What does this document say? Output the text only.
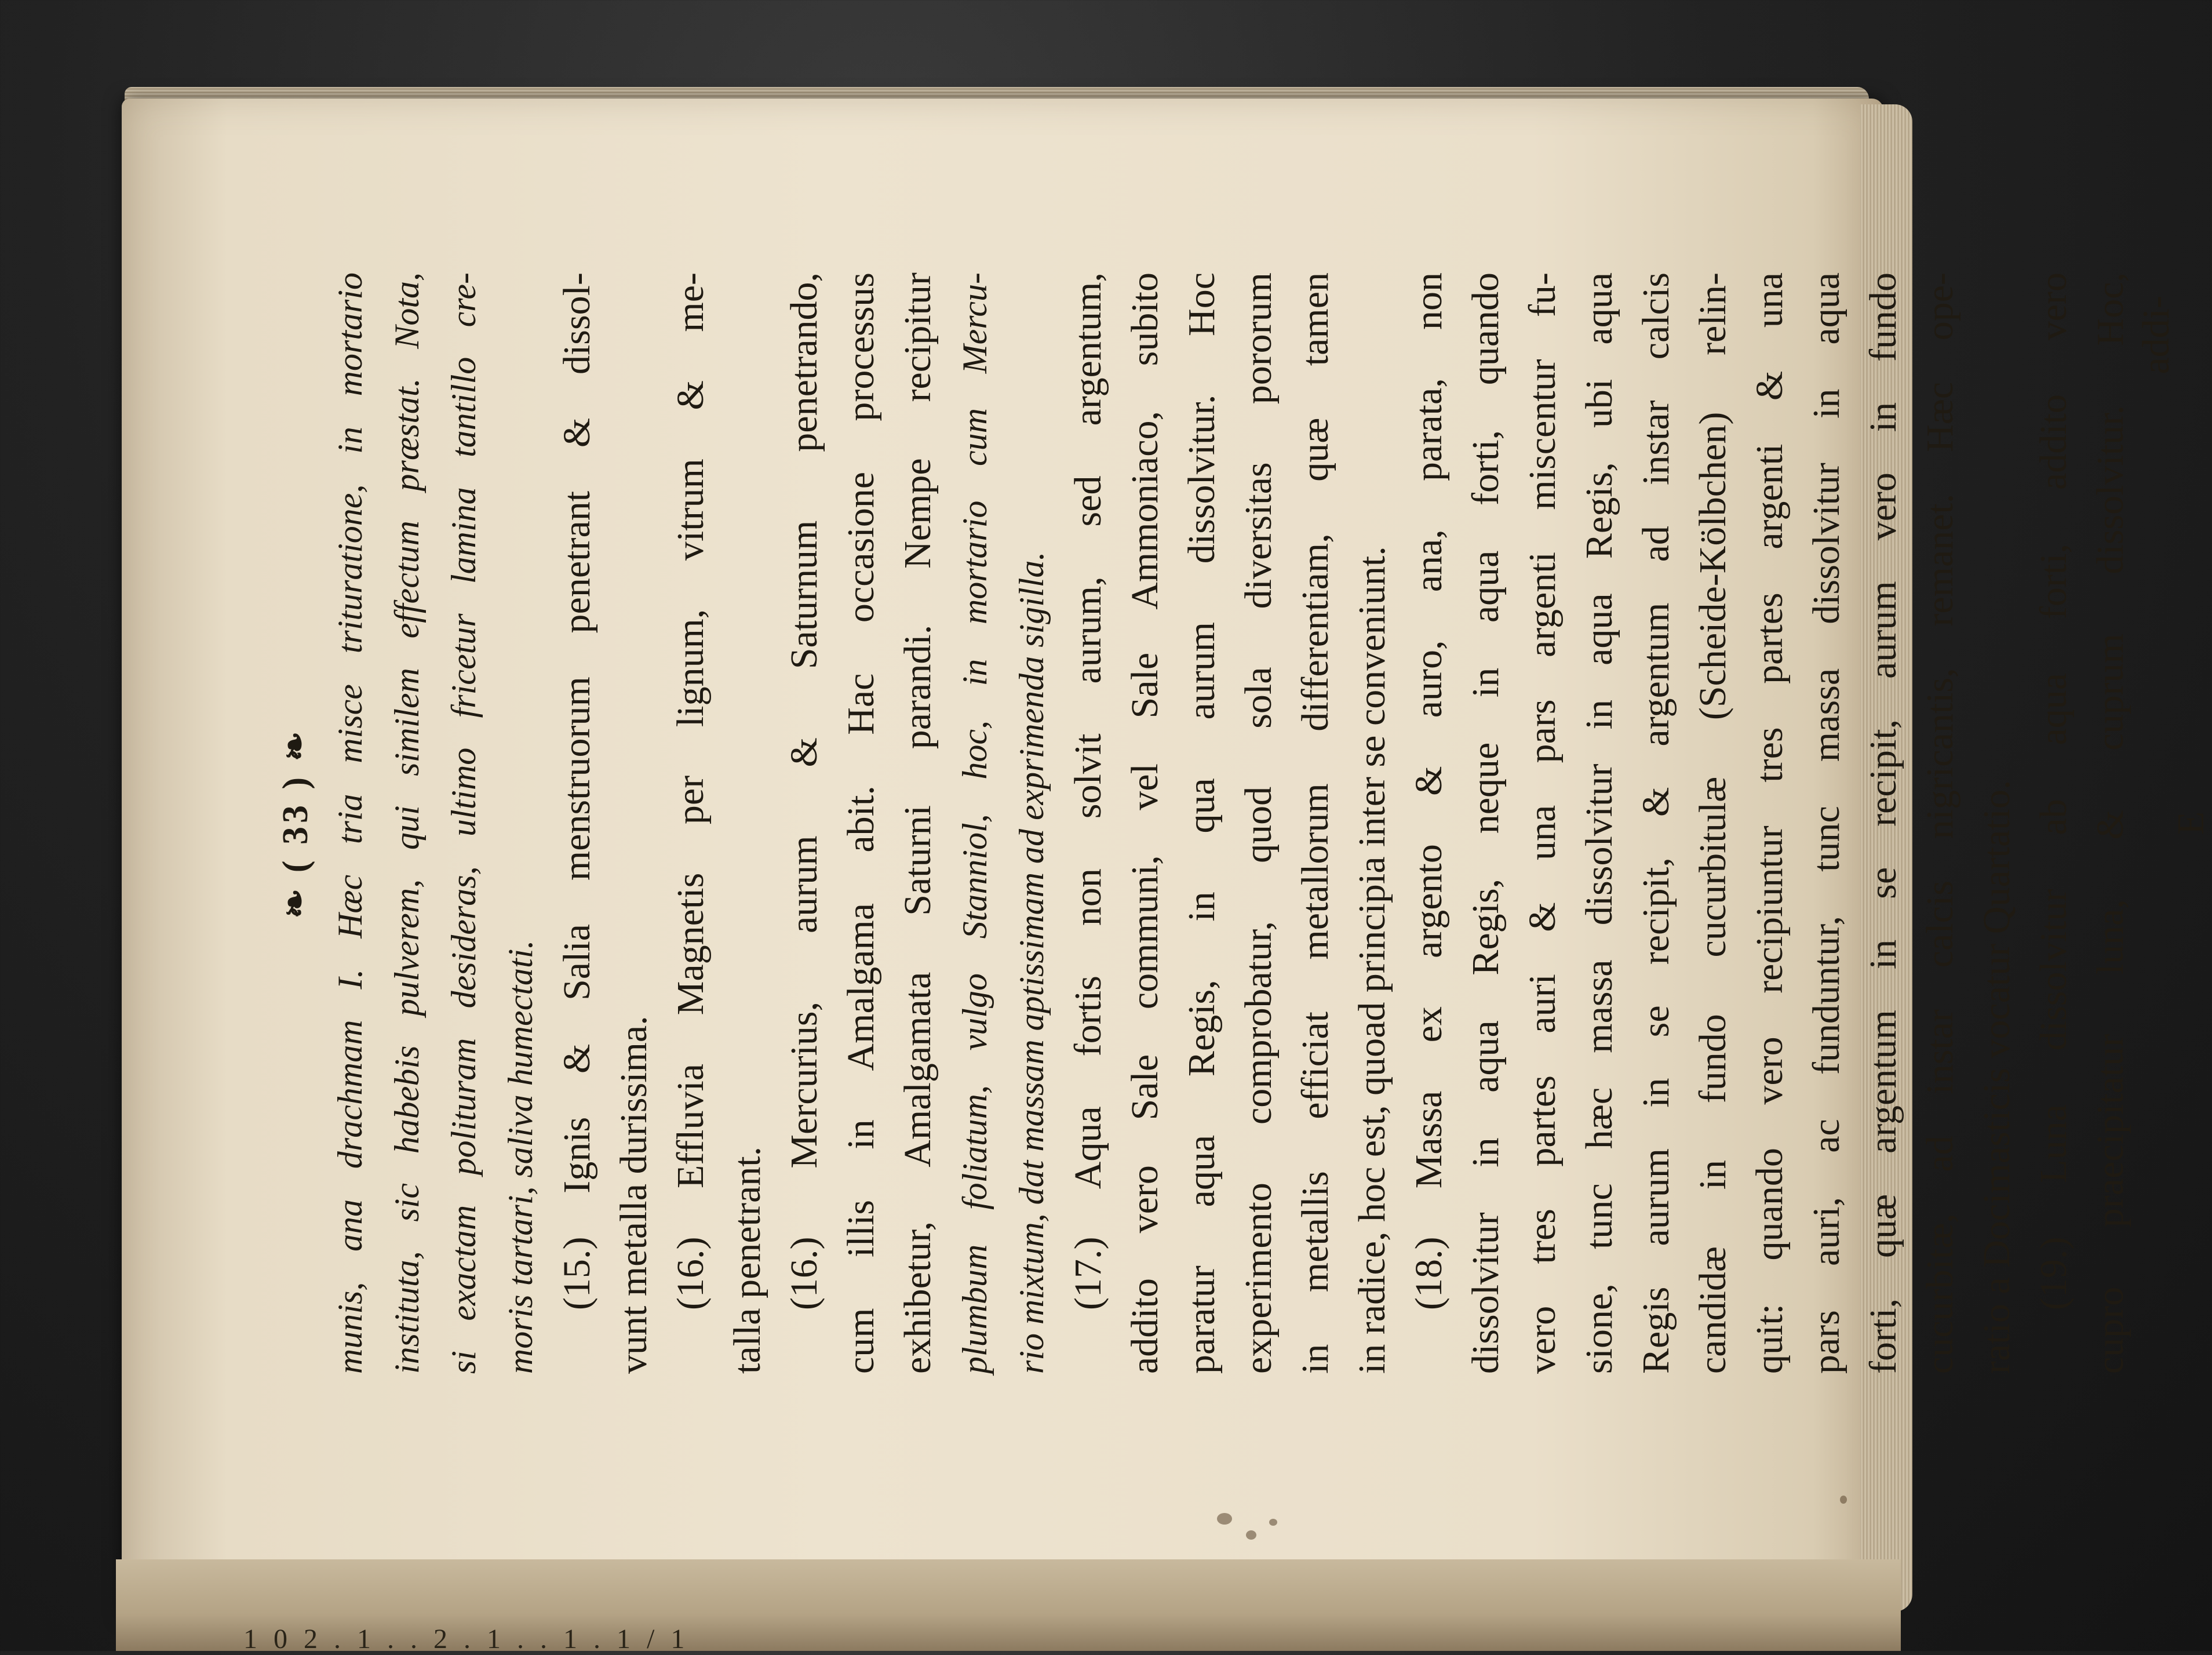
1 0 2 . 1 . . 2 . 1 . . 1 . 1 / 1
❧ ( 33 ) ❧ munis, ana drachmam I. Hæc tria misce trituratione, in mortario institutа, sic habebis pulverem, qui similem effectum præstat. Nota, si exactam polituram desideras, ultimo fricetur lamina tantillo cre- moris tartari, saliva humectati. (15.) Ignis & Salia menstruorum penetrant & dissol- vunt metalla durissima. (16.) Effluvia Magnetis per lignum, vitrum & me- talla penetrant. (16.) Mercurius, aurum & Saturnum penetrando, cum illis in Amalgama abit. Hac occasione processus exhibetur, Amalgamata Saturni parandi. Nempe recipitur plumbum foliatum, vulgo Stanniol, hoc, in mortario cum Mercu- rio mixtum, dat massam aptissimam ad exprimenda sigilla. (17.) Aqua fortis non solvit aurum, sed argentum, addito vero Sale communi, vel Sale Ammoniaco, subito paratur aqua Regis, in qua aurum dissolvitur. Hoc experimento comprobatur, quod sola diversitas pororum in metallis efficiat metallorum differentiam, quæ tamen in radice, hoc est, quoad principia inter se conveniunt. (18.) Massa ex argento & auro, ana, parata, non dissolvitur in aqua Regis, neque in aqua forti, quando vero tres partes auri & una pars argenti miscentur fu- sione, tunc hæc massa dissolvitur in aqua Regis, ubi aqua Regis aurum in se recipit, & argentum ad instar calcis candidæ in fundo cucurbitulæ (Scheide-Kölbchen) relin- quit: quando vero recipiuntur tres partes argenti & una pars auri, ac funduntur, tunc massa dissolvitur in aqua forti, quæ argentum in se recipit, aurum vero in fundo cucurbitæ, ad instar calcis nigricantis, remanet. Hæc ope- ratio a Docimasticis vocatur Quartatio. (19.) Luna dissolvitur ab aqua forti, addito vero cupro praecipitatur luna, & cuprum dissolvitur. Hoc, addi-
E
